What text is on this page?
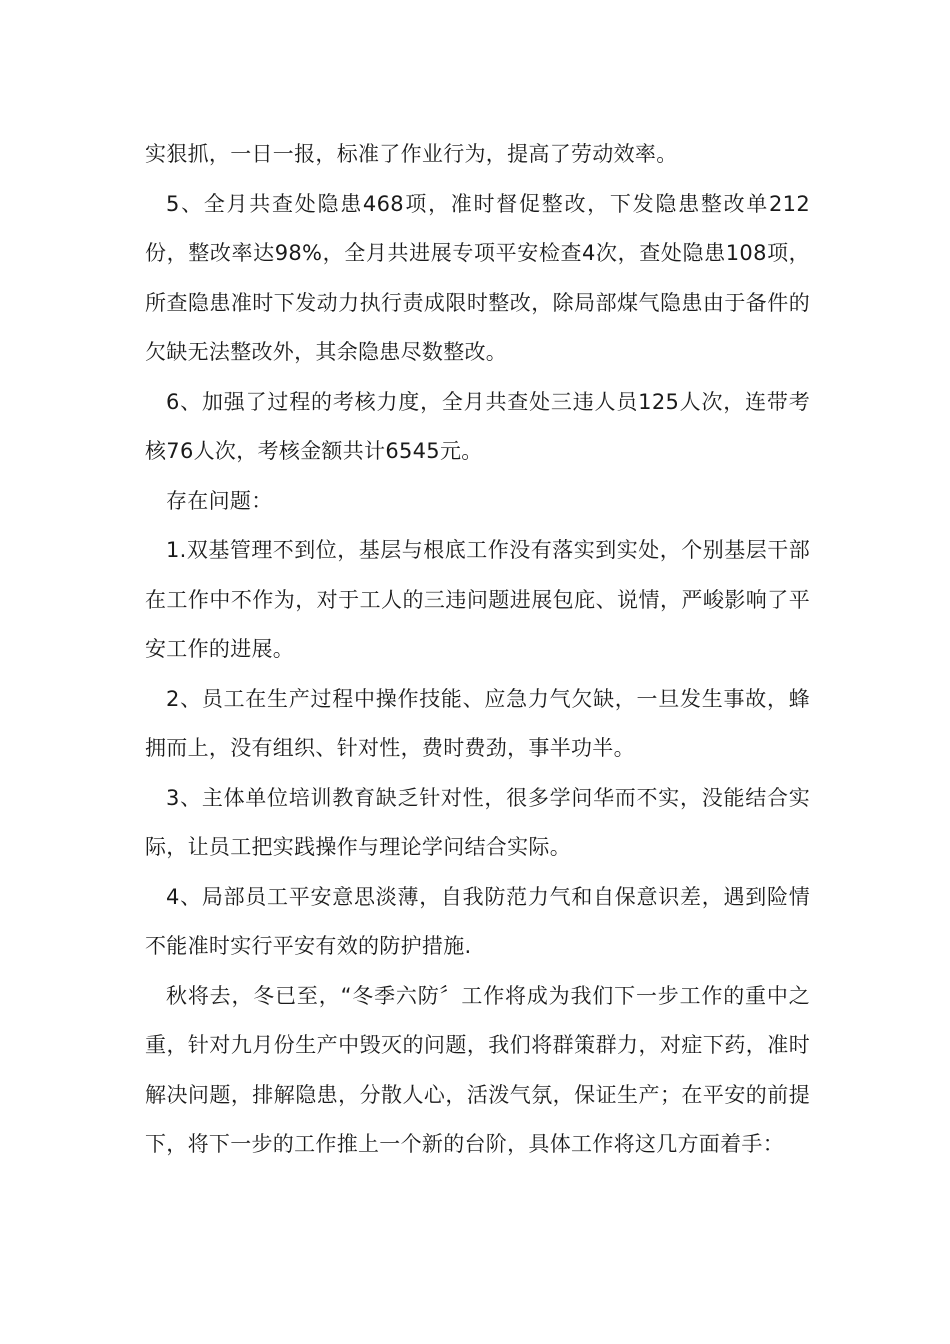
实狠抓，一日一报，标准了作业行为，提高了劳动效率。

5、全月共查处隐患468项，准时督促整改，下发隐患整改单212份，整改率达98%，全月共进展专项平安检查4次，查处隐患108项，所查隐患准时下发动力执行责成限时整改，除局部煤气隐患由于备件的欠缺无法整改外，其余隐患尽数整改。

6、加强了过程的考核力度，全月共查处三违人员125人次，连带考核76人次，考核金额共计6545元。

存在问题：

1.双基管理不到位，基层与根底工作没有落实到实处，个别基层干部在工作中不作为，对于工人的三违问题进展包庇、说情，严峻影响了平安工作的进展。

2、员工在生产过程中操作技能、应急力气欠缺，一旦发生事故，蜂拥而上，没有组织、针对性，费时费劲，事半功半。

3、主体单位培训教育缺乏针对性，很多学问华而不实，没能结合实际，让员工把实践操作与理论学问结合实际。

4、局部员工平安意思淡薄，自我防范力气和自保意识差，遇到险情不能准时实行平安有效的防护措施.

秋将去，冬已至，“冬季六防〞工作将成为我们下一步工作的重中之重，针对九月份生产中毁灭的问题，我们将群策群力，对症下药，准时解决问题，排解隐患，分散人心，活泼气氛，保证生产；在平安的前提下，将下一步的工作推上一个新的台阶，具体工作将这几方面着手：
